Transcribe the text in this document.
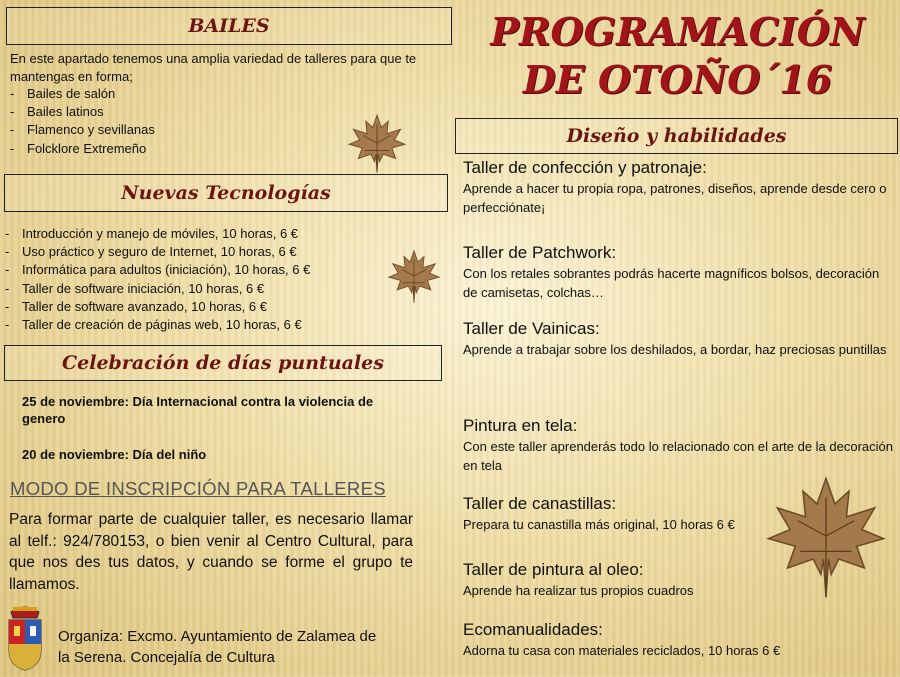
BAILES
En este apartado tenemos una amplia variedad de talleres para que te mantengas en forma;
- Bailes de salón
- Bailes latinos
- Flamenco y sevillanas
- Folcklore Extremeño
Nuevas Tecnologías
- Introducción y manejo de móviles, 10 horas, 6 €
- Uso práctico y seguro de Internet, 10 horas, 6 €
- Informática para adultos (iniciación), 10 horas, 6 €
- Taller de software iniciación, 10 horas, 6 €
- Taller de software avanzado, 10 horas, 6 €
- Taller de creación de páginas web, 10 horas, 6 €
Celebración de días puntuales
25 de noviembre: Día Internacional contra la violencia de genero
20 de noviembre: Día del niño
MODO DE INSCRIPCIÓN PARA TALLERES
Para formar parte de cualquier taller, es necesario llamar al telf.: 924/780153, o bien venir al Centro Cultural, para que nos des tus datos, y cuando se forme el grupo te llamamos.
Organiza: Excmo. Ayuntamiento de Zalamea de
la Serena. Concejalía de Cultura
PROGRAMACIÓN
DE OTOÑO´16
Diseño y habilidades
Taller de confección y patronaje:
Aprende a hacer tu propia ropa, patrones, diseños, aprende desde cero o perfecciónate¡
Taller de Patchwork:
Con los retales sobrantes podrás hacerte magníficos bolsos, decoración de camisetas, colchas…
Taller de Vainicas:
Aprende a trabajar sobre los deshilados, a bordar, haz preciosas puntillas
Pintura en tela:
Con este taller aprenderás todo lo relacionado con el arte de la decoración en tela
Taller de canastillas:
Prepara tu canastilla más original, 10 horas 6 €
Taller de pintura al oleo:
Aprende ha realizar tus propios cuadros
Ecomanualidades:
Adorna tu casa con materiales reciclados, 10 horas 6 €
